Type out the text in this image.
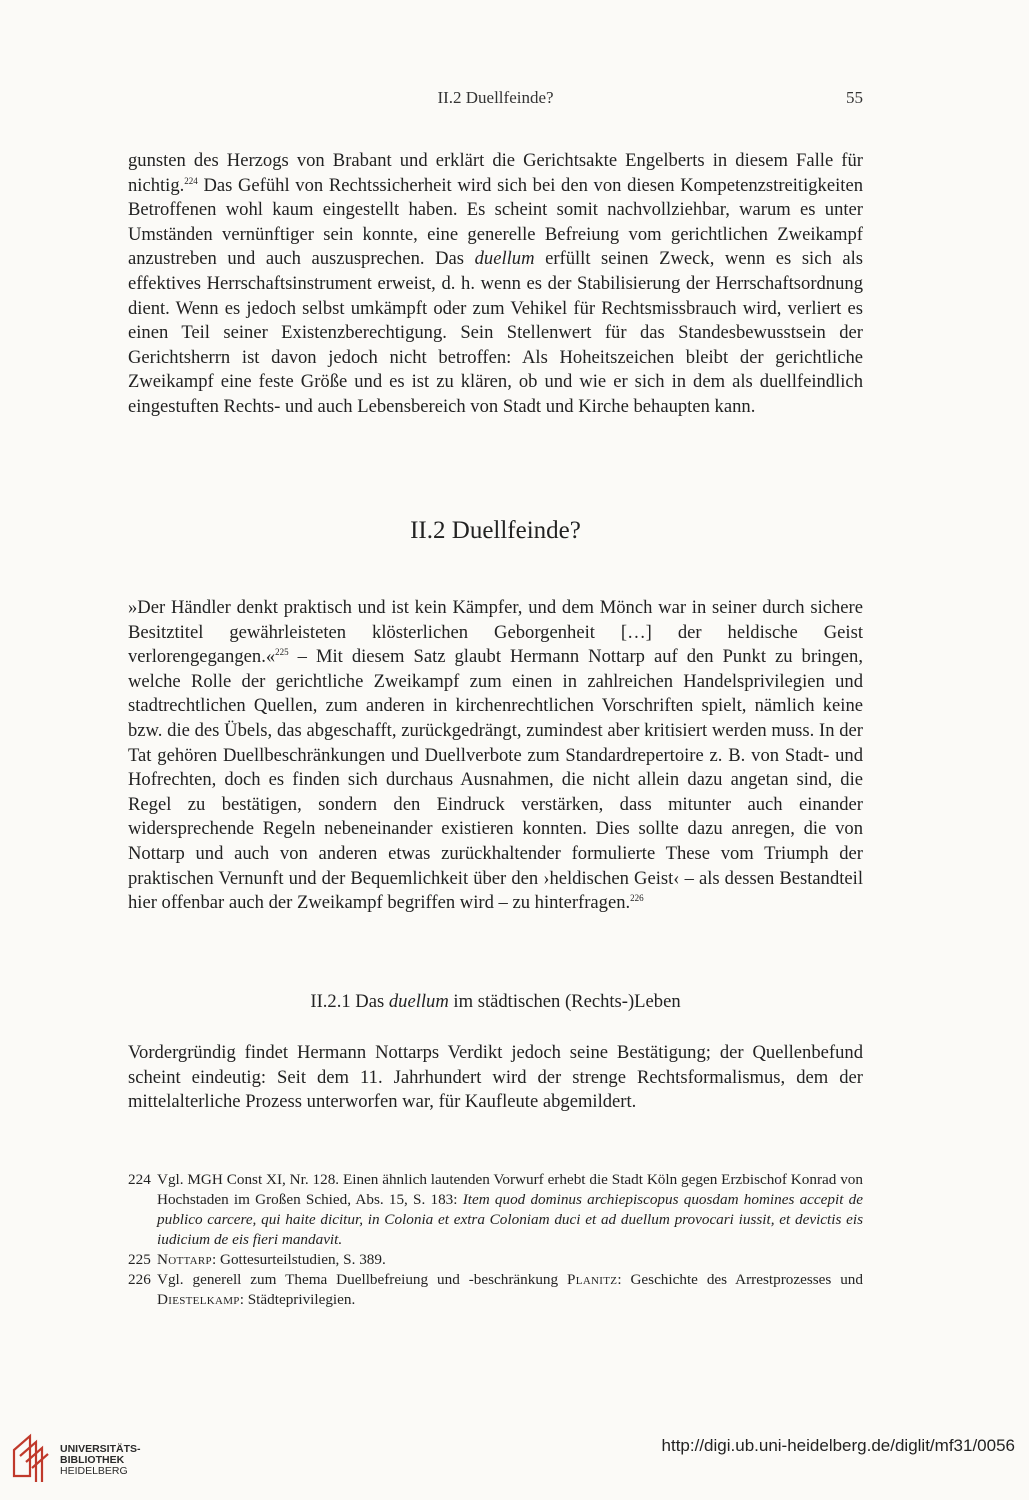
II.2 Duellfeinde?	55

gunsten des Herzogs von Brabant und erklärt die Gerichtsakte Engelberts in diesem Falle für nichtig.$^{224}$ Das Gefühl von Rechtssicherheit wird sich bei den von diesen Kompetenzstreitigkeiten Betroffenen wohl kaum eingestellt haben. Es scheint somit nachvollziehbar, warum es unter Umständen vernünftiger sein konnte, eine generelle Befreiung vom gerichtlichen Zweikampf anzustreben und auch auszusprechen. Das duellum erfüllt seinen Zweck, wenn es sich als effektives Herrschaftsinstrument erweist, d. h. wenn es der Stabilisierung der Herrschaftsordnung dient. Wenn es jedoch selbst umkämpft oder zum Vehikel für Rechtsmissbrauch wird, verliert es einen Teil seiner Existenzberechtigung. Sein Stellenwert für das Standesbewusstsein der Gerichtsherrn ist davon jedoch nicht betroffen: Als Hoheitszeichen bleibt der gerichtliche Zweikampf eine feste Größe und es ist zu klären, ob und wie er sich in dem als duellfeindlich eingestuften Rechts- und auch Lebensbereich von Stadt und Kirche behaupten kann.

II.2 Duellfeinde?

»Der Händler denkt praktisch und ist kein Kämpfer, und dem Mönch war in seiner durch sichere Besitztitel gewährleisteten klösterlichen Geborgenheit […] der heldische Geist verlorengegangen.«$^{225}$ – Mit diesem Satz glaubt Hermann Nottarp auf den Punkt zu bringen, welche Rolle der gerichtliche Zweikampf zum einen in zahlreichen Handelsprivilegien und stadtrechtlichen Quellen, zum anderen in kirchenrechtlichen Vorschriften spielt, nämlich keine bzw. die des Übels, das abgeschafft, zurückgedrängt, zumindest aber kritisiert werden muss. In der Tat gehören Duellbeschränkungen und Duellverbote zum Standardrepertoire z. B. von Stadt- und Hofrechten, doch es finden sich durchaus Ausnahmen, die nicht allein dazu angetan sind, die Regel zu bestätigen, sondern den Eindruck verstärken, dass mitunter auch einander widersprechende Regeln nebeneinander existieren konnten. Dies sollte dazu anregen, die von Nottarp und auch von anderen etwas zurückhaltender formulierte These vom Triumph der praktischen Vernunft und der Bequemlichkeit über den ›heldischen Geist‹ – als dessen Bestandteil hier offenbar auch der Zweikampf begriffen wird – zu hinterfragen.$^{226}$

II.2.1 Das duellum im städtischen (Rechts-)Leben

Vordergründig findet Hermann Nottarps Verdikt jedoch seine Bestätigung; der Quellenbefund scheint eindeutig: Seit dem 11. Jahrhundert wird der strenge Rechtsformalismus, dem der mittelalterliche Prozess unterworfen war, für Kaufleute abgemildert.

224 Vgl. MGH Const XI, Nr. 128. Einen ähnlich lautenden Vorwurf erhebt die Stadt Köln gegen Erzbischof Konrad von Hochstaden im Großen Schied, Abs. 15, S. 183: Item quod dominus archiepiscopus quosdam homines accepit de publico carcere, qui haite dicitur, in Colonia et extra Coloniam duci et ad duellum provocari iussit, et devictis eis iudicium de eis fieri mandavit.
225 Nottarp: Gottesurteilstudien, S. 389.
226 Vgl. generell zum Thema Duellbefreiung und -beschränkung Planitz: Geschichte des Arrestprozesses und Diestelkamp: Städteprivilegien.
UNIVERSITÄTS-
BIBLIOTHEK
HEIDELBERG
http://digi.ub.uni-heidelberg.de/diglit/mf31/0056
